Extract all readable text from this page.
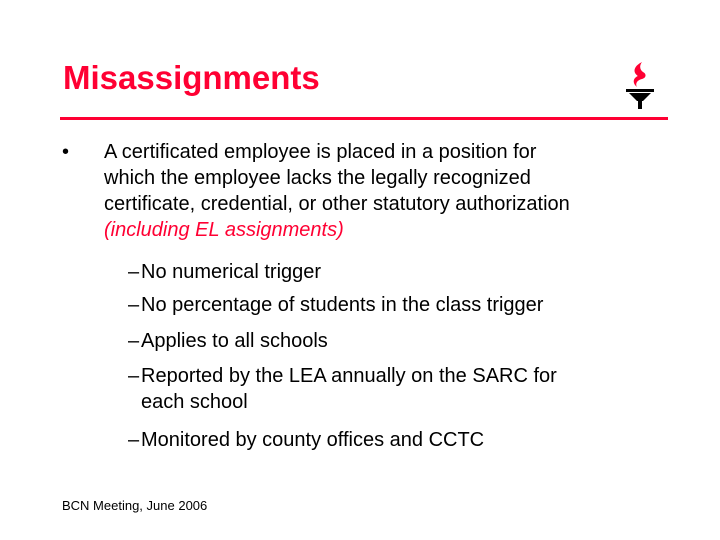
Misassignments
• A certificated employee is placed in a position for
which the employee lacks the legally recognized
certificate, credential, or other statutory authorization
(including EL assignments)
– No numerical trigger
– No percentage of students in the class trigger
– Applies to all schools
– Reported by the LEA annually on the SARC for
each school
– Monitored by county offices and CCTC
BCN Meeting, June 2006
